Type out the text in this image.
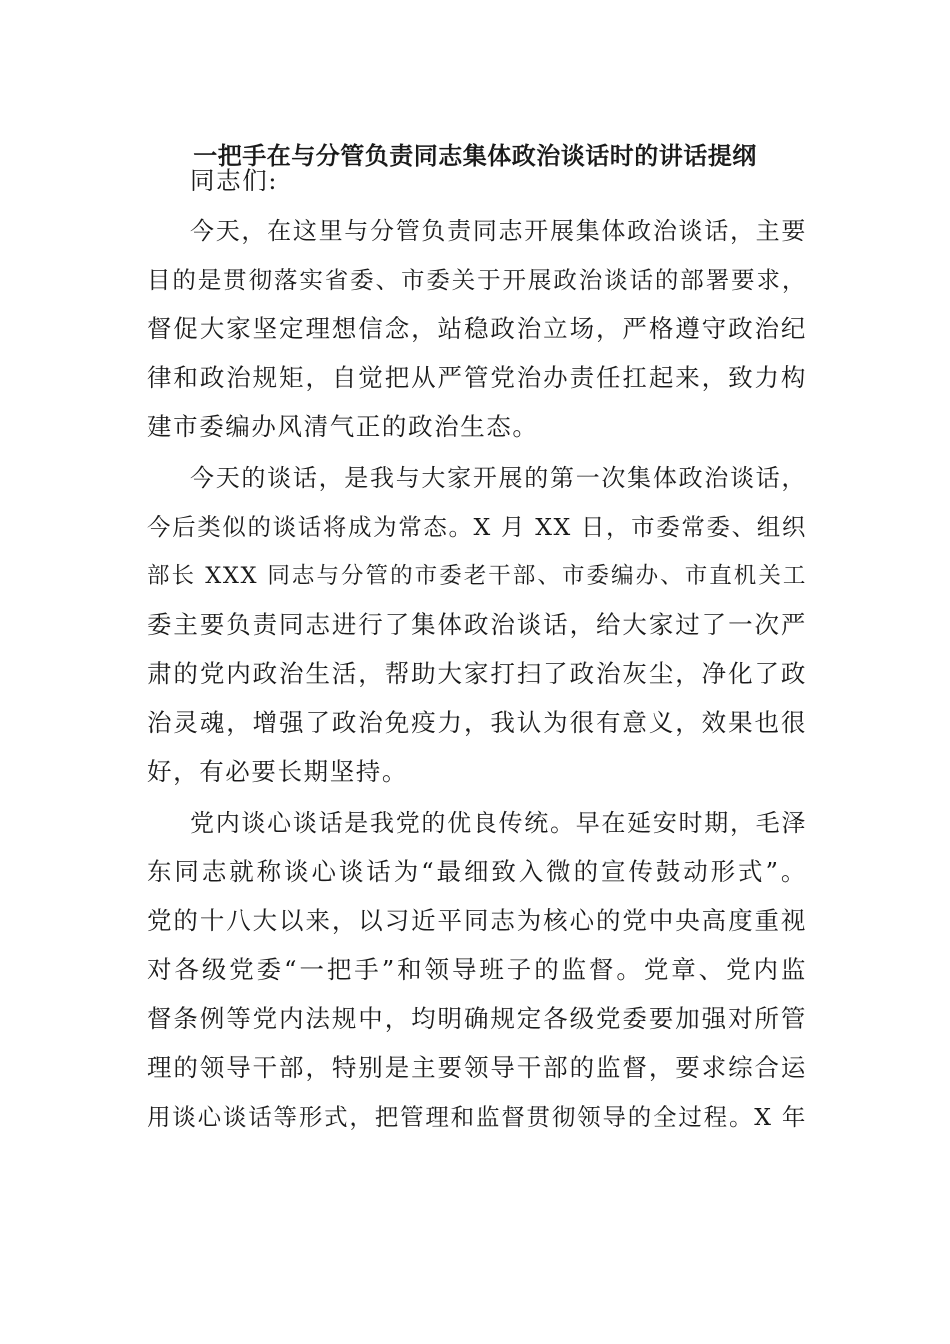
一把手在与分管负责同志集体政治谈话时的讲话提纲
同志们:
今天，在这里与分管负责同志开展集体政治谈话，主要
目的是贯彻落实省委、市委关于开展政治谈话的部署要求，
督促大家坚定理想信念，站稳政治立场，严格遵守政治纪
律和政治规矩，自觉把从严管党治办责任扛起来，致力构
建市委编办风清气正的政治生态。
今天的谈话，是我与大家开展的第一次集体政治谈话，
今后类似的谈话将成为常态。X 月 XX 日，市委常委、组织
部长 XXX 同志与分管的市委老干部、市委编办、市直机关工
委主要负责同志进行了集体政治谈话，给大家过了一次严
肃的党内政治生活，帮助大家打扫了政治灰尘，净化了政
治灵魂，增强了政治免疫力，我认为很有意义，效果也很
好，有必要长期坚持。
党内谈心谈话是我党的优良传统。早在延安时期，毛泽
东同志就称谈心谈话为“最细致入微的宣传鼓动形式”。
党的十八大以来，以习近平同志为核心的党中央高度重视
对各级党委“一把手”和领导班子的监督。党章、党内监
督条例等党内法规中，均明确规定各级党委要加强对所管
理的领导干部，特别是主要领导干部的监督，要求综合运
用谈心谈话等形式，把管理和监督贯彻领导的全过程。X 年
